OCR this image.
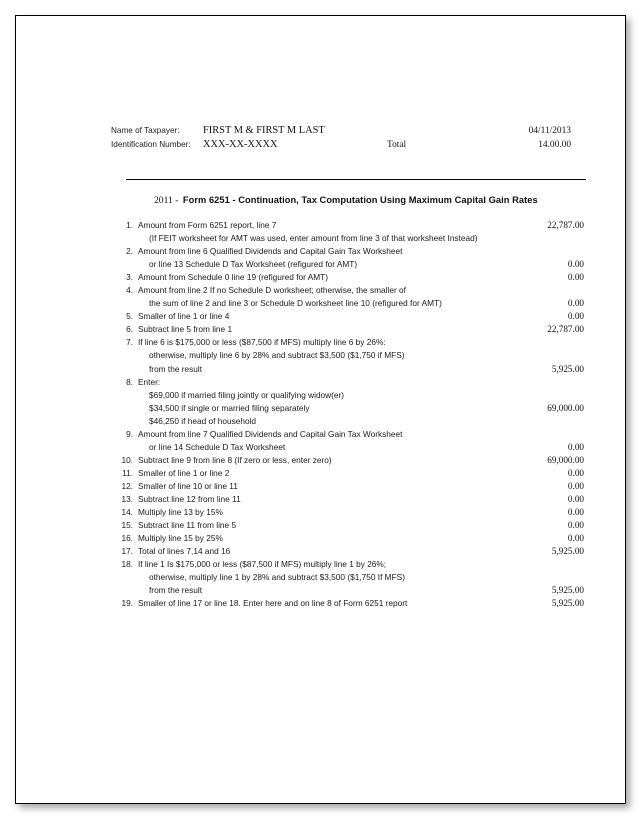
Name of Taxpayer: FIRST M & FIRST M LAST	04/11/2013
Identification Number: XXX-XX-XXXX	Total	14.00.00
2011 - Form 6251 - Continuation, Tax Computation Using Maximum Capital Gain Rates
1. Amount from Form 6251 report, line 7	22,787.00
(If FEIT worksheet for AMT was used, enter amount from line 3 of that worksheet Instead)
2. Amount from line 6 Qualified Dividends and Capital Gain Tax Worksheet
or line 13 Schedule D Tax Worksheet (refigured for AMT)	0.00
3. Amount from Schedule 0 line 19 (refigured for AMT)	0.00
4. Amount from line 2 If no Schedule D worksheet; otherwise, the smaller of
the sum of line 2 and line 3 or Schedule D worksheet line 10 (refigured for AMT)	0.00
5. Smaller of line 1 or line 4	0.00
6. Subtract line 5 from line 1	22,787.00
7. If line 6 is $175,000 or less ($87,500 if MFS) multiply line 6 by 26%:
otherwise, multiply line 6 by 28% and subtract $3,500 ($1,750 if MFS)
from the result	5,925.00
8. Enter:
$69,000 if married filing jointly or qualifying widow(er)
$34,500 if single or married filing separately	69,000.00
$46,250 if head of household
9. Amount from line 7 Qualified Dividends and Capital Gain Tax Worksheet
or line 14 Schedule D Tax Worksheet	0.00
10. Subtract line 9 from line 8 (If zero or less, enter zero)	69,000.00
11. Smaller of line 1 or line 2	0.00
12. Smaller of line 10 or line 11	0.00
13. Subtract line 12 from line 11	0.00
14. Multiply line 13 by 15%	0.00
15. Subtract line 11 from line 5	0.00
16. Multiply line 15 by 25%	0.00
17. Total of lines 7,14 and 16	5,925.00
18. If line 1 Is $175,000 or less ($87,500 if MFS) multiply line 1 by 26%;
otherwise, multiply line 1 by 28% and subtract $3,500 ($1,750 If MFS)
from the result	5,925.00
19. Smaller of line 17 or line 18. Enter here and on line 8 of Form 6251 report	5,925.00
